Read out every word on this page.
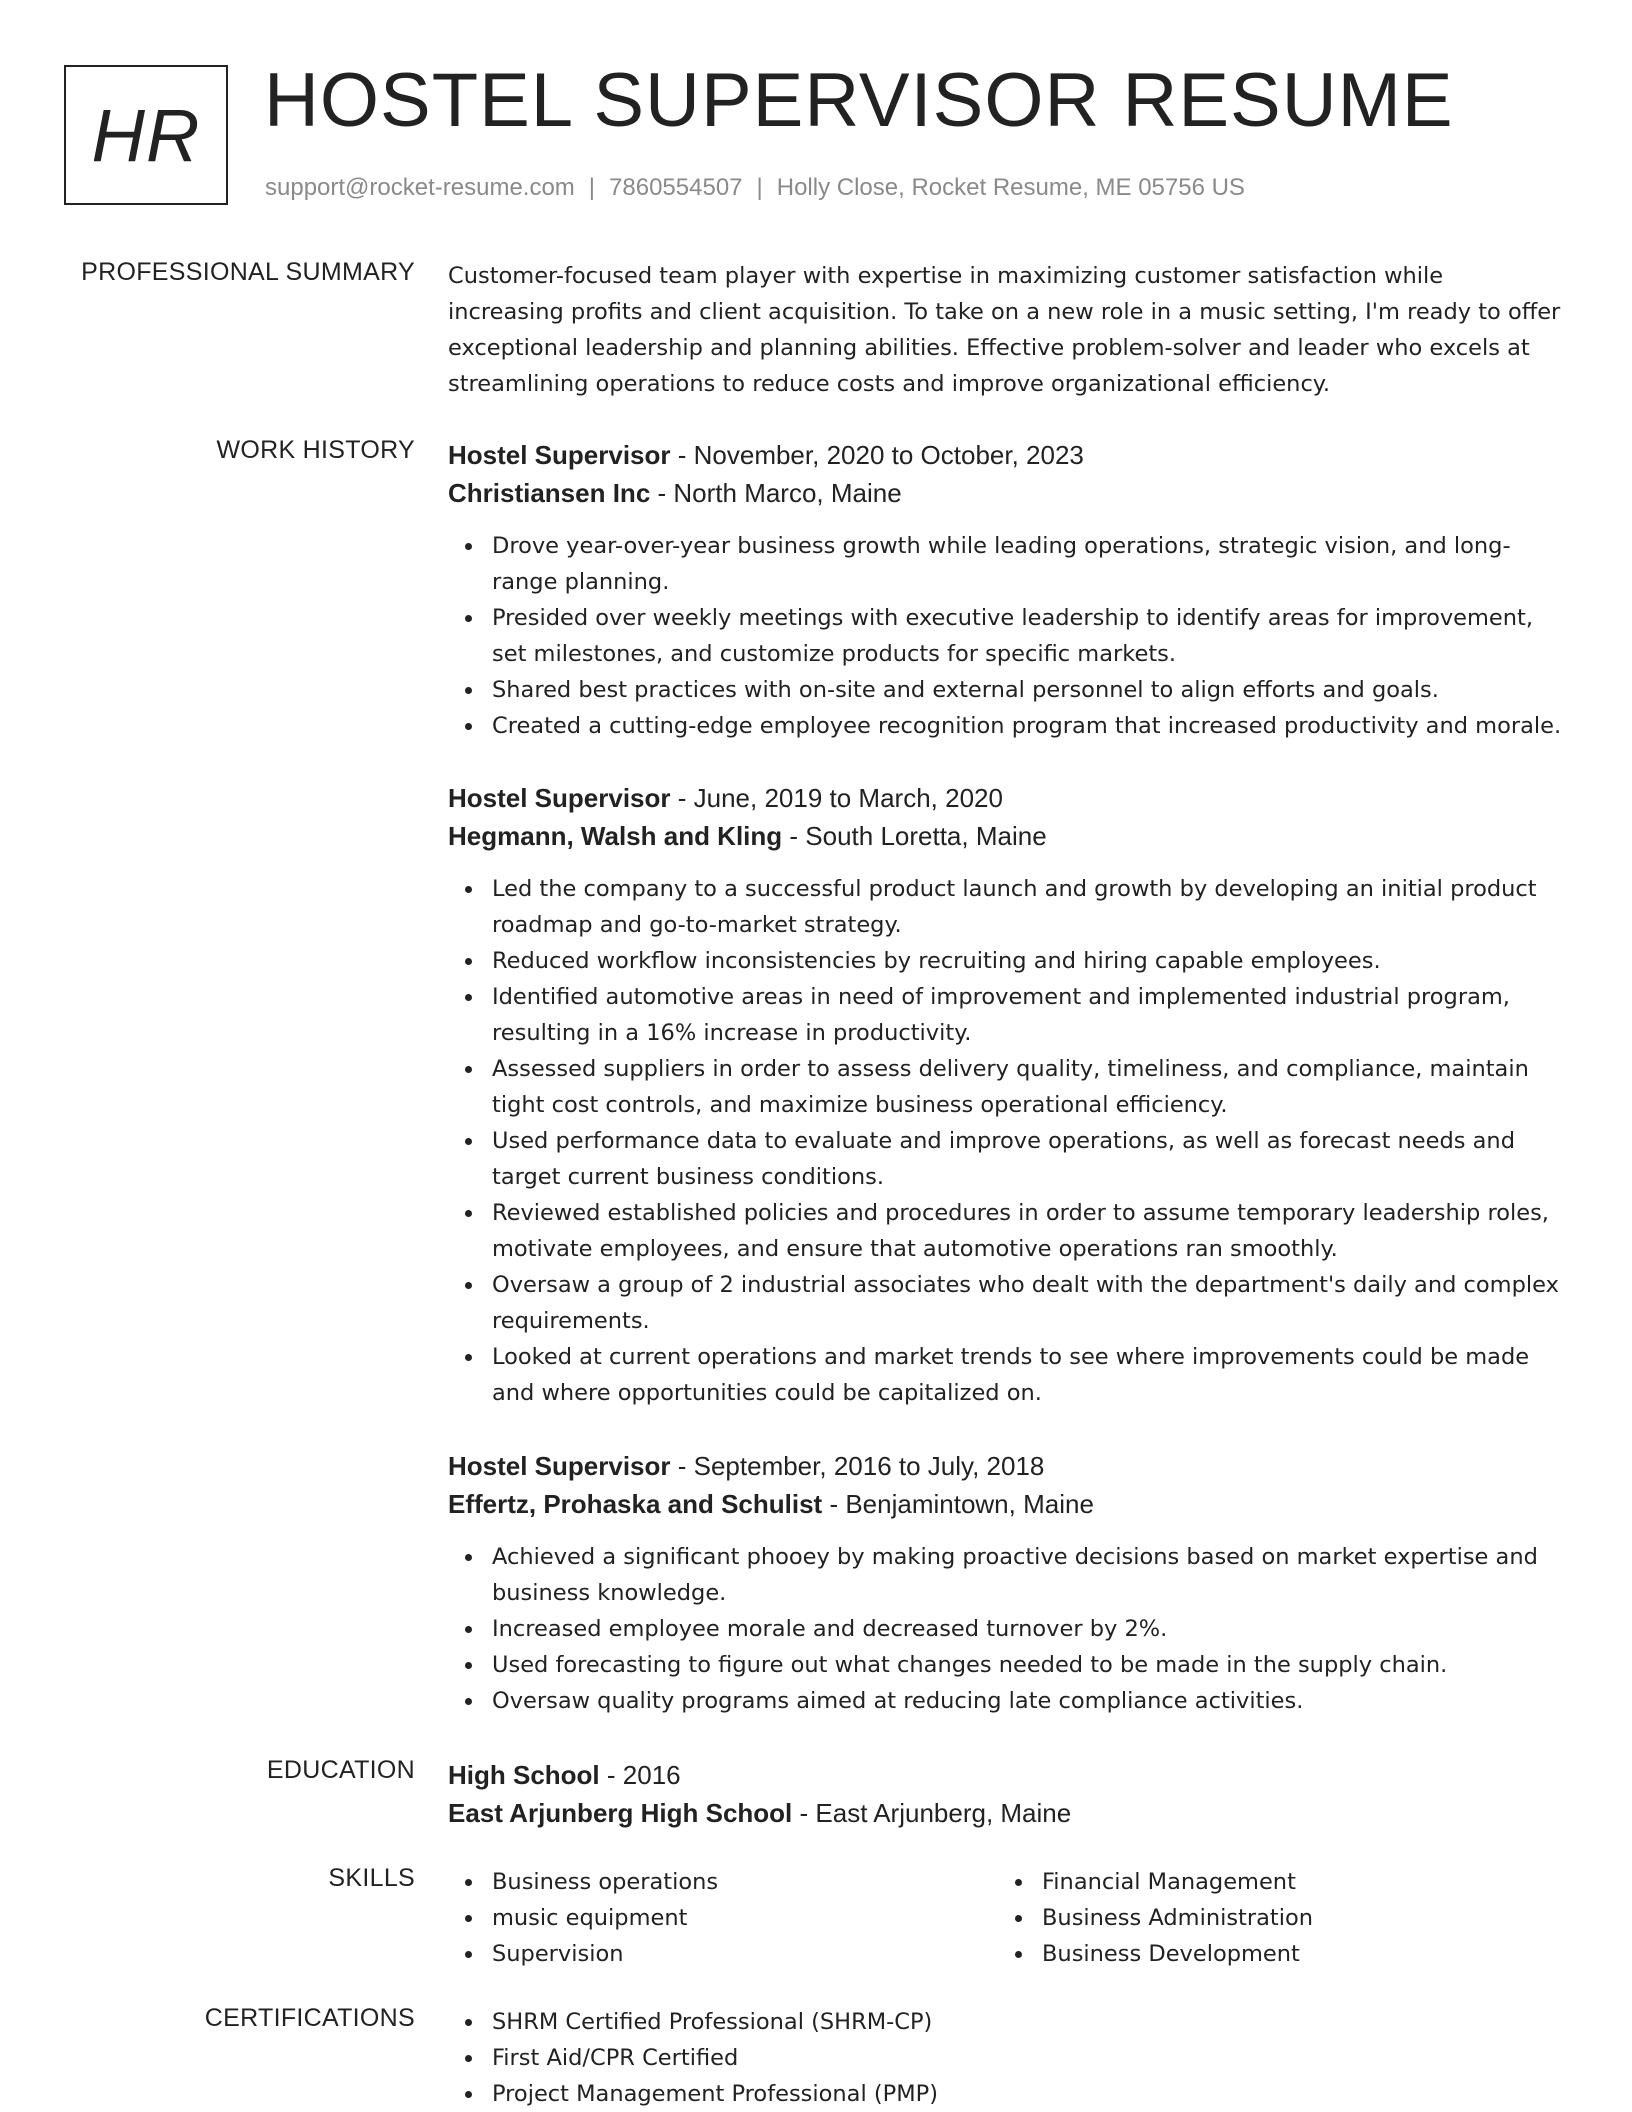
HR HOSTEL SUPERVISOR RESUME
support@rocket-resume.com | 7860554507 | Holly Close, Rocket Resume, ME 05756 US
PROFESSIONAL SUMMARY Customer-focused team player with expertise in maximizing customer satisfaction while increasing profits and client acquisition. To take on a new role in a music setting, I'm ready to offer exceptional leadership and planning abilities. Effective problem-solver and leader who excels at streamlining operations to reduce costs and improve organizational efficiency.

WORK HISTORY Hostel Supervisor - November, 2020 to October, 2023
Christiansen Inc - North Marco, Maine
Drove year-over-year business growth while leading operations, strategic vision, and long-range planning.
Presided over weekly meetings with executive leadership to identify areas for improvement, set milestones, and customize products for specific markets.
Shared best practices with on-site and external personnel to align efforts and goals.
Created a cutting-edge employee recognition program that increased productivity and morale.
Hostel Supervisor - June, 2019 to March, 2020
Hegmann, Walsh and Kling - South Loretta, Maine
Led the company to a successful product launch and growth by developing an initial product roadmap and go-to-market strategy.
Reduced workflow inconsistencies by recruiting and hiring capable employees.
Identified automotive areas in need of improvement and implemented industrial program, resulting in a 16% increase in productivity.
Assessed suppliers in order to assess delivery quality, timeliness, and compliance, maintain tight cost controls, and maximize business operational efficiency.
Used performance data to evaluate and improve operations, as well as forecast needs and target current business conditions.
Reviewed established policies and procedures in order to assume temporary leadership roles, motivate employees, and ensure that automotive operations ran smoothly.
Oversaw a group of 2 industrial associates who dealt with the department's daily and complex requirements.
Looked at current operations and market trends to see where improvements could be made and where opportunities could be capitalized on.
Hostel Supervisor - September, 2016 to July, 2018
Effertz, Prohaska and Schulist - Benjamintown, Maine
Achieved a significant phooey by making proactive decisions based on market expertise and business knowledge.
Increased employee morale and decreased turnover by 2%.
Used forecasting to figure out what changes needed to be made in the supply chain.
Oversaw quality programs aimed at reducing late compliance activities.
EDUCATION High School - 2016
East Arjunberg High School - East Arjunberg, Maine
SKILLS	Business operations
music equipment
Supervision
Financial Management
Business Administration
Business Development
CERTIFICATIONS	SHRM Certified Professional (SHRM-CP)
First Aid/CPR Certified
Project Management Professional (PMP)
